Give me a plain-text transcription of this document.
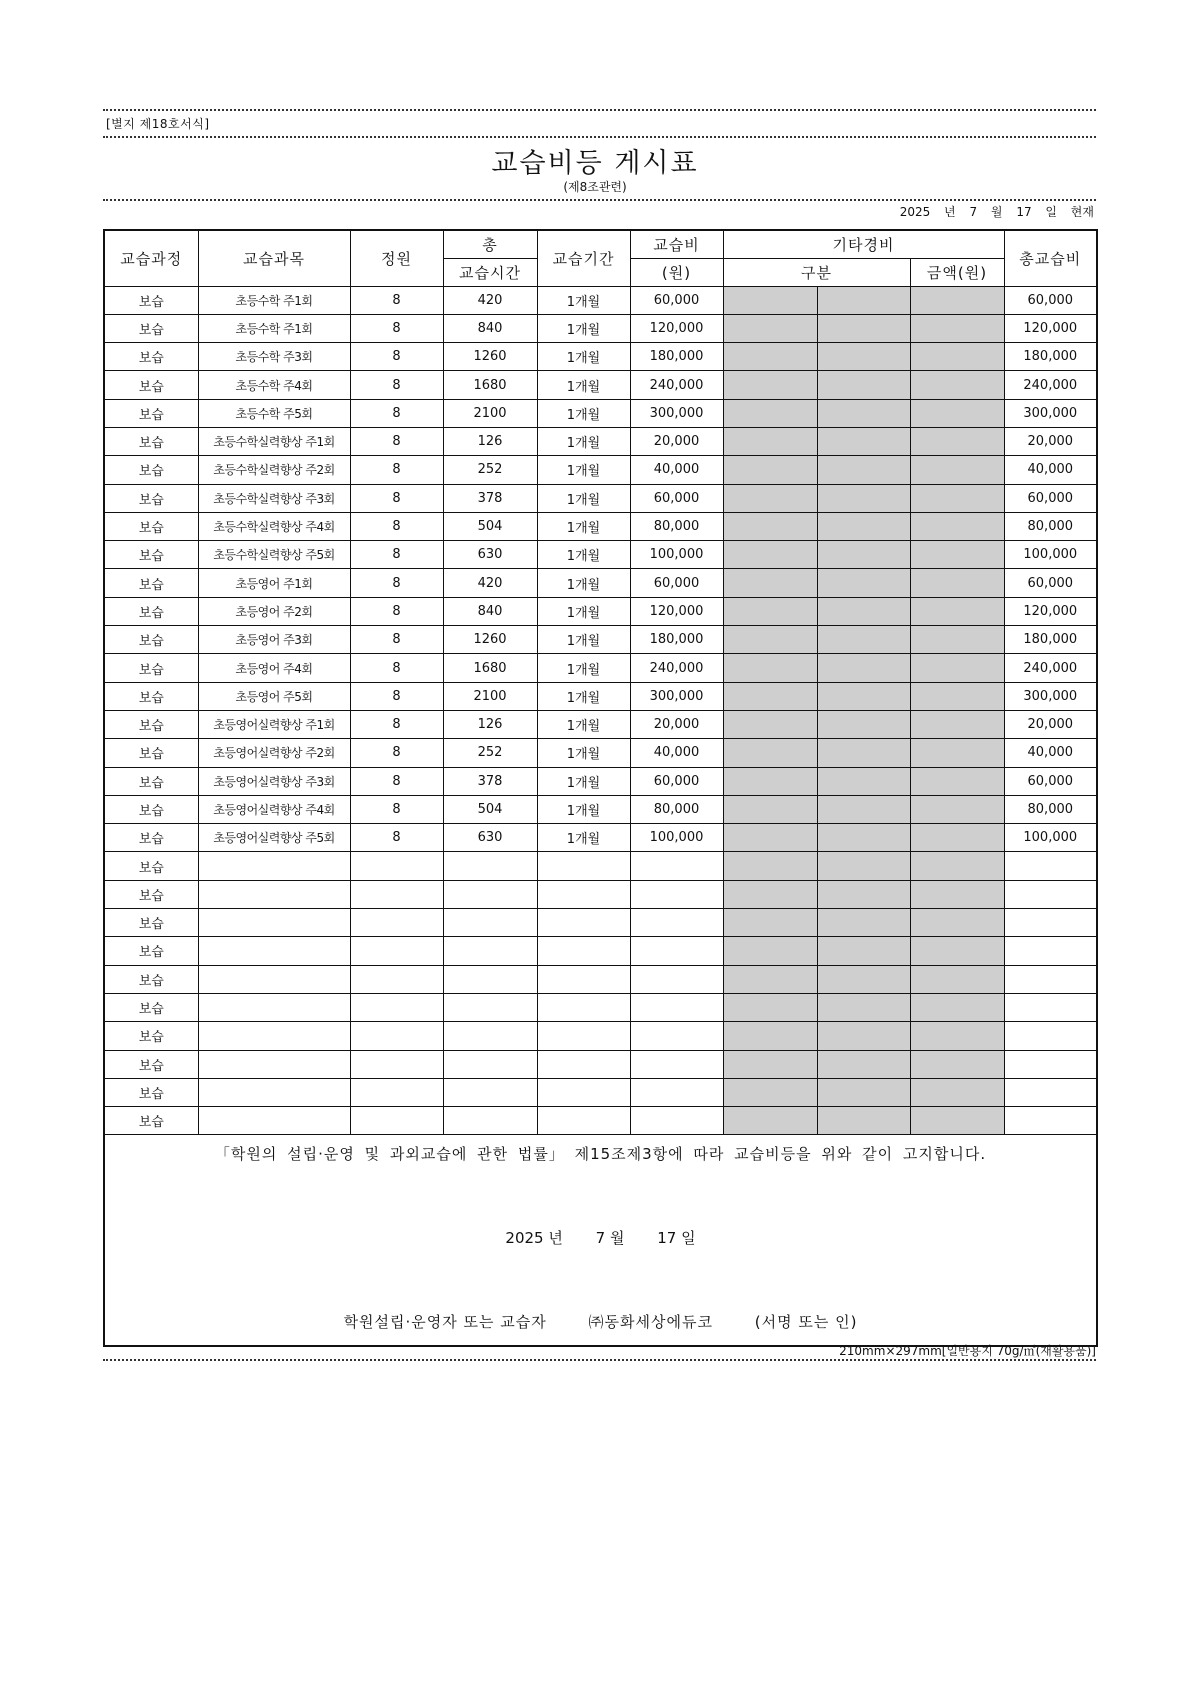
[별지 제18호서식]
교습비등 게시표
(제8조관련)
2025 년 7 월 17 일 현재
교습과정	교습과목	정원	총	교습기간	교습비	기타경비			총교습비
			교습시간		(원)	구분		금액(원)	
보습	초등수학 주1회	8	420	1개월	60,000				60,000
보습	초등수학 주1회	8	840	1개월	120,000				120,000
보습	초등수학 주3회	8	1260	1개월	180,000				180,000
보습	초등수학 주4회	8	1680	1개월	240,000				240,000
보습	초등수학 주5회	8	2100	1개월	300,000				300,000
보습	초등수학실력향상 주1회	8	126	1개월	20,000				20,000
보습	초등수학실력향상 주2회	8	252	1개월	40,000				40,000
보습	초등수학실력향상 주3회	8	378	1개월	60,000				60,000
보습	초등수학실력향상 주4회	8	504	1개월	80,000				80,000
보습	초등수학실력향상 주5회	8	630	1개월	100,000				100,000
보습	초등영어 주1회	8	420	1개월	60,000				60,000
보습	초등영어 주2회	8	840	1개월	120,000				120,000
보습	초등영어 주3회	8	1260	1개월	180,000				180,000
보습	초등영어 주4회	8	1680	1개월	240,000				240,000
보습	초등영어 주5회	8	2100	1개월	300,000				300,000
보습	초등영어실력향상 주1회	8	126	1개월	20,000				20,000
보습	초등영어실력향상 주2회	8	252	1개월	40,000				40,000
보습	초등영어실력향상 주3회	8	378	1개월	60,000				60,000
보습	초등영어실력향상 주4회	8	504	1개월	80,000				80,000
보습	초등영어실력향상 주5회	8	630	1개월	100,000				100,000
보습									
보습									
보습									
보습									
보습									
보습									
보습									
보습									
보습									
보습									

「학원의 설립·운영 및 과외교습에 관한 법률」 제15조제3항에 따라 교습비등을 위와 같이 고지합니다.
2025 년 7 월 17 일
학원설립·운영자 또는 교습자 ㈜동화세상에듀코 (서명 또는 인)									
210mm×297mm[일반용지 70g/㎡(재활용품)]
